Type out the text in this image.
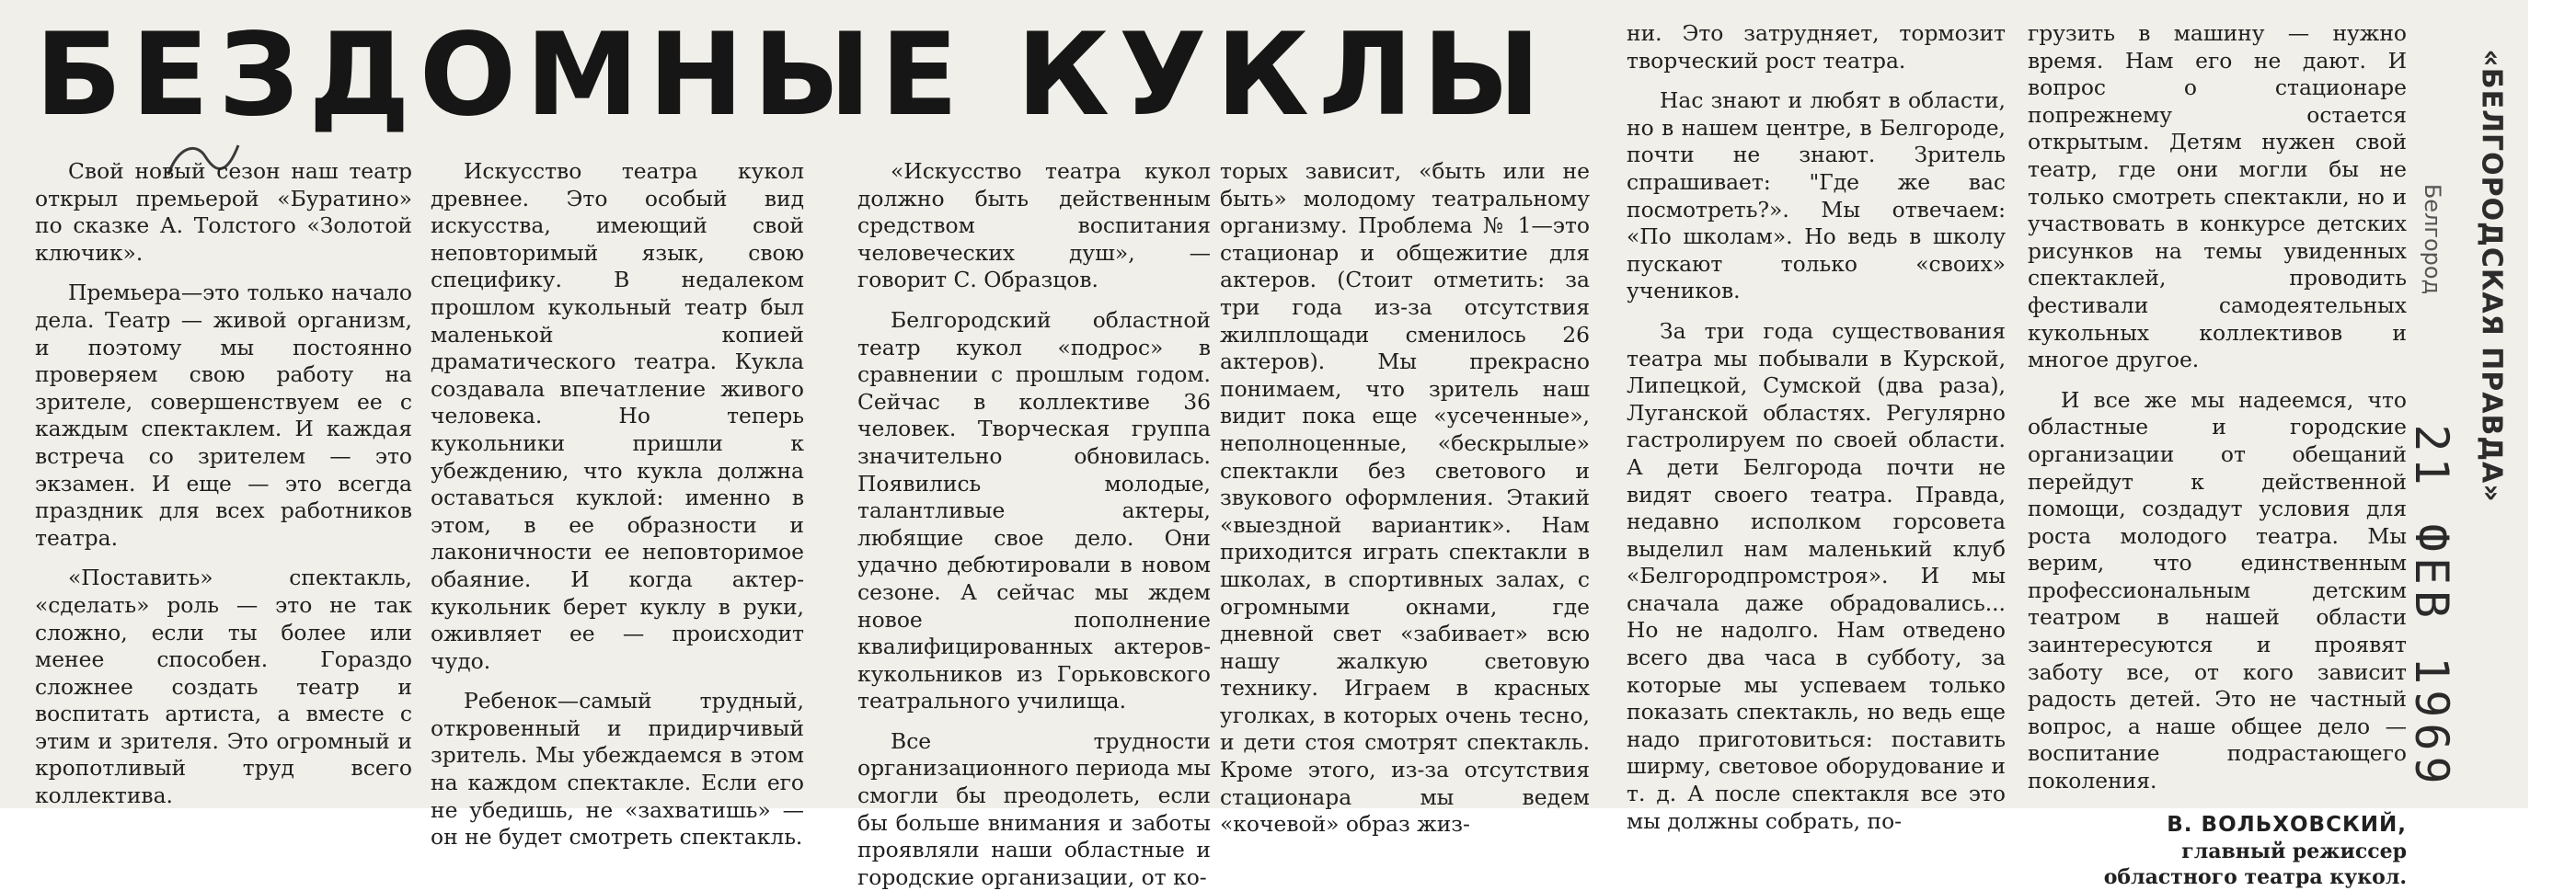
БЕЗДОМНЫЕ КУКЛЫ

Свой новый сезон наш театр открыл премьерой «Буратино» по сказке А. Толстого «Золотой ключик».

Премьера—это только начало дела. Театр — живой организм, и поэтому мы постоянно проверяем свою работу на зрителе, совершенствуем ее с каждым спектаклем. И каждая встреча со зрителем — это экзамен. И еще — это всегда праздник для всех работников театра.

«Поставить» спектакль, «сделать» роль — это не так сложно, если ты более или менее способен. Гораздо сложнее создать театр и воспитать артиста, а вместе с этим и зрителя. Это огромный и кропотливый труд всего коллектива.

Искусство театра кукол древнее. Это особый вид искусства, имеющий свой неповторимый язык, свою специфику. В недалеком прошлом кукольный театр был маленькой копией драматического театра. Кукла создавала впечатление живого человека. Но теперь кукольники пришли к убеждению, что кукла должна оставаться куклой: именно в этом, в ее образности и лаконичности ее неповторимое обаяние. И когда актер-кукольник берет куклу в руки, оживляет ее — происходит чудо.

Ребенок—самый трудный, откровенный и придирчивый зритель. Мы убеждаемся в этом на каждом спектакле. Если его не убедишь, не «захватишь» — он не будет смотреть спектакль.

«Искусство театра кукол должно быть действенным средством воспитания человеческих душ», — говорит С. Образцов.

Белгородский областной театр кукол «подрос» в сравнении с прошлым годом. Сейчас в коллективе 36 человек. Творческая группа значительно обновилась. Появились молодые, талантливые актеры, любящие свое дело. Они удачно дебютировали в новом сезоне. А сейчас мы ждем новое пополнение квалифицированных актеров-кукольников из Горьковского театрального училища.

Все трудности организационного периода мы смогли бы преодолеть, если бы больше внимания и заботы проявляли наши областные и городские организации, от ко-

торых зависит, «быть или не быть» молодому театральному организму. Проблема № 1—это стационар и общежитие для актеров. (Стоит отметить: за три года из-за отсутствия жилплощади сменилось 26 актеров). Мы прекрасно понимаем, что зритель наш видит пока еще «усеченные», неполноценные, «бескрылые» спектакли без светового и звукового оформления. Этакий «выездной вариантик». Нам приходится играть спектакли в школах, в спортивных залах, с огромными окнами, где дневной свет «забивает» всю нашу жалкую световую технику. Играем в красных уголках, в которых очень тесно, и дети стоя смотрят спектакль. Кроме этого, из-за отсутствия стационара мы ведем «кочевой» образ жиз-

ни. Это затрудняет, тормозит творческий рост театра.

Нас знают и любят в области, но в нашем центре, в Белгороде, почти не знают. Зритель спрашивает: "Где же вас посмотреть?». Мы отвечаем: «По школам». Но ведь в школу пускают только «своих» учеников.

За три года существования театра мы побывали в Курской, Липецкой, Сумской (два раза), Луганской областях. Регулярно гастролируем по своей области. А дети Белгорода почти не видят своего театра. Правда, недавно исполком горсовета выделил нам маленький клуб «Белгородпромстроя». И мы сначала даже обрадовались... Но не надолго. Нам отведено всего два часа в субботу, за которые мы успеваем только показать спектакль, но ведь еще надо приготовиться: поставить ширму, световое оборудование и т. д. А после спектакля все это мы должны собрать, по-

грузить в машину — нужно время. Нам его не дают. И вопрос о стационаре попрежнему остается открытым. Детям нужен свой театр, где они могли бы не только смотреть спектакли, но и участвовать в конкурсе детских рисунков на темы увиденных спектаклей, проводить фестивали самодеятельных кукольных коллективов и многое другое.

И все же мы надеемся, что областные и городские организации от обещаний перейдут к действенной помощи, создадут условия для роста молодого театра. Мы верим, что единственным профессиональным детским театром в нашей области заинтересуются и проявят заботу все, от кого зависит радость детей. Это не частный вопрос, а наше общее дело — воспитание подрастающего поколения.

В. ВОЛЬХОВСКИЙ,
главный режиссер
областного театра кукол.
Белгород
21 ФЕВ 1969
«БЕЛГОРОДСКАЯ ПРАВДА»
